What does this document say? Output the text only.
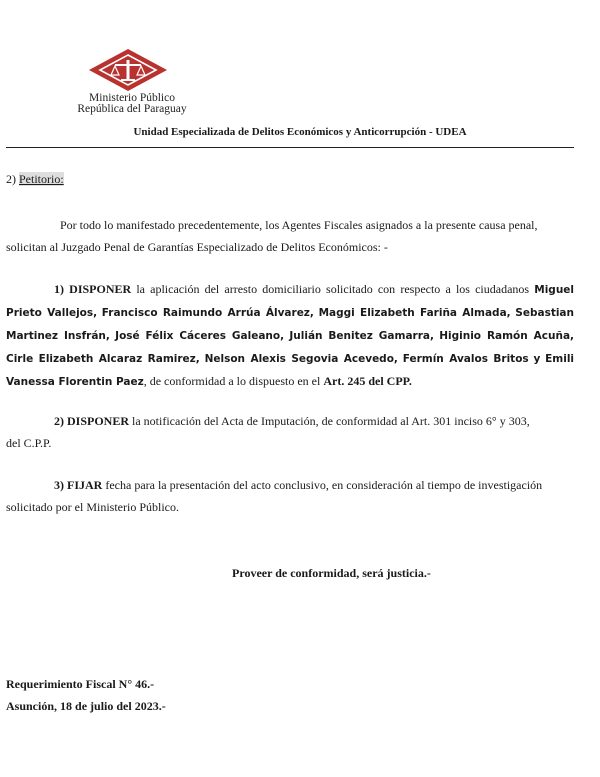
Ministerio Público
República del Paraguay
Unidad Especializada de Delitos Económicos y Anticorrupción - UDEA
2) Petitorio:
Por todo lo manifestado precedentemente, los Agentes Fiscales asignados a la presente causa penal,
solicitan al Juzgado Penal de Garantías Especializado de Delitos Económicos: -
1) DISPONER la aplicación del arresto domiciliario solicitado con respecto a los ciudadanos Miguel Prieto Vallejos, Francisco Raimundo Arrúa Álvarez, Maggi Elizabeth Fariña Almada, Sebastian Martinez Insfrán, José Félix Cáceres Galeano, Julián Benitez Gamarra, Higinio Ramón Acuña, Cirle Elizabeth Alcaraz Ramirez, Nelson Alexis Segovia Acevedo, Fermín Avalos Britos y Emili Vanessa Florentin Paez, de conformidad a lo dispuesto en el Art. 245 del CPP.
2) DISPONER la notificación del Acta de Imputación, de conformidad al Art. 301 inciso 6° y 303,
del C.P.P.
3) FIJAR fecha para la presentación del acto conclusivo, en consideración al tiempo de investigación
solicitado por el Ministerio Público.
Proveer de conformidad, será justicia.-
Requerimiento Fiscal N° 46.-
Asunción, 18 de julio del 2023.-
